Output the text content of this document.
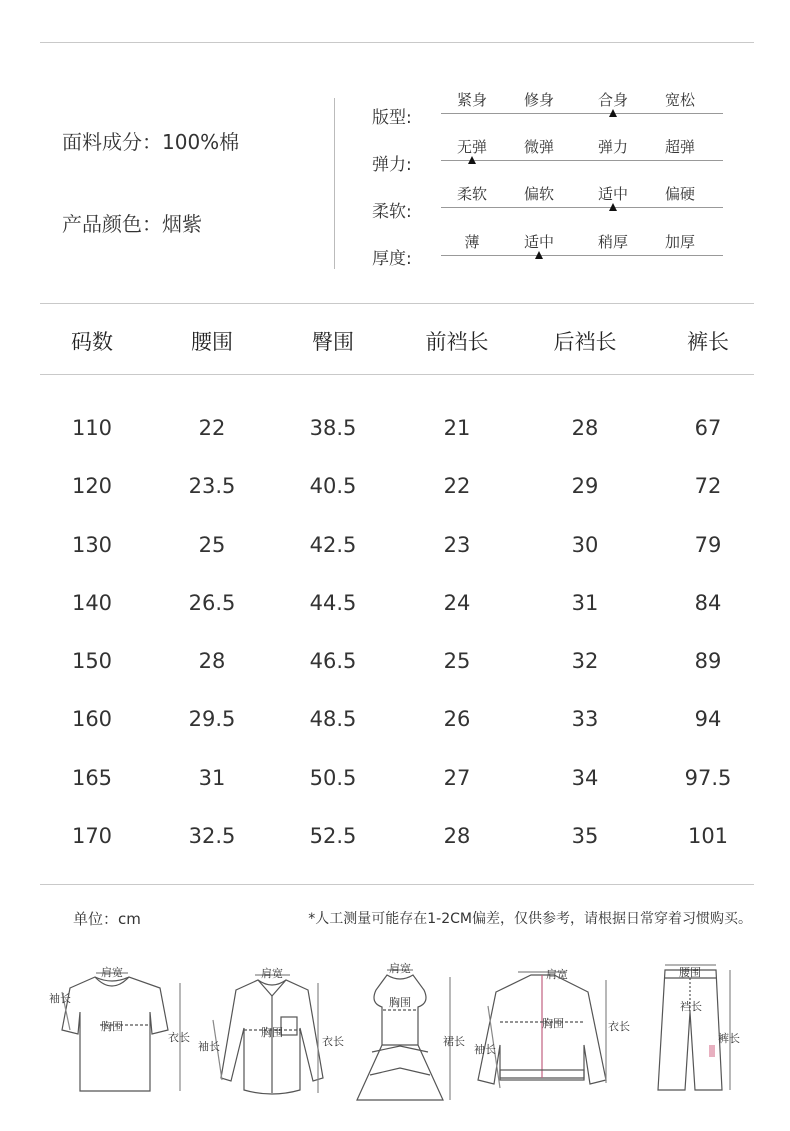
面料成分：100%棉
产品颜色：烟紫
版型:
紧身	修身	合身	宽松
弹力:
无弹	微弹	弹力	超弹
柔软:
柔软	偏软	适中	偏硬
厚度:
薄	适中	稍厚	加厚
码数	腰围	臀围	前裆长	后裆长	裤长
110	22	38.5	21	28	67
120	23.5	40.5	22	29	72
130	25	42.5	23	30	79
140	26.5	44.5	24	31	84
150	28	46.5	25	32	89
160	29.5	48.5	26	33	94
165	31	50.5	27	34	97.5
170	32.5	52.5	28	35	101
单位：cm	*人工测量可能存在1-2CM偏差，仅供参考，请根据日常穿着习惯购买。
肩宽
袖长
胸围
衣长
肩宽
胸围
袖长	衣长
肩宽
胸围
裙长
肩宽
胸围
袖长
衣长
腰围
裆长
裤长
